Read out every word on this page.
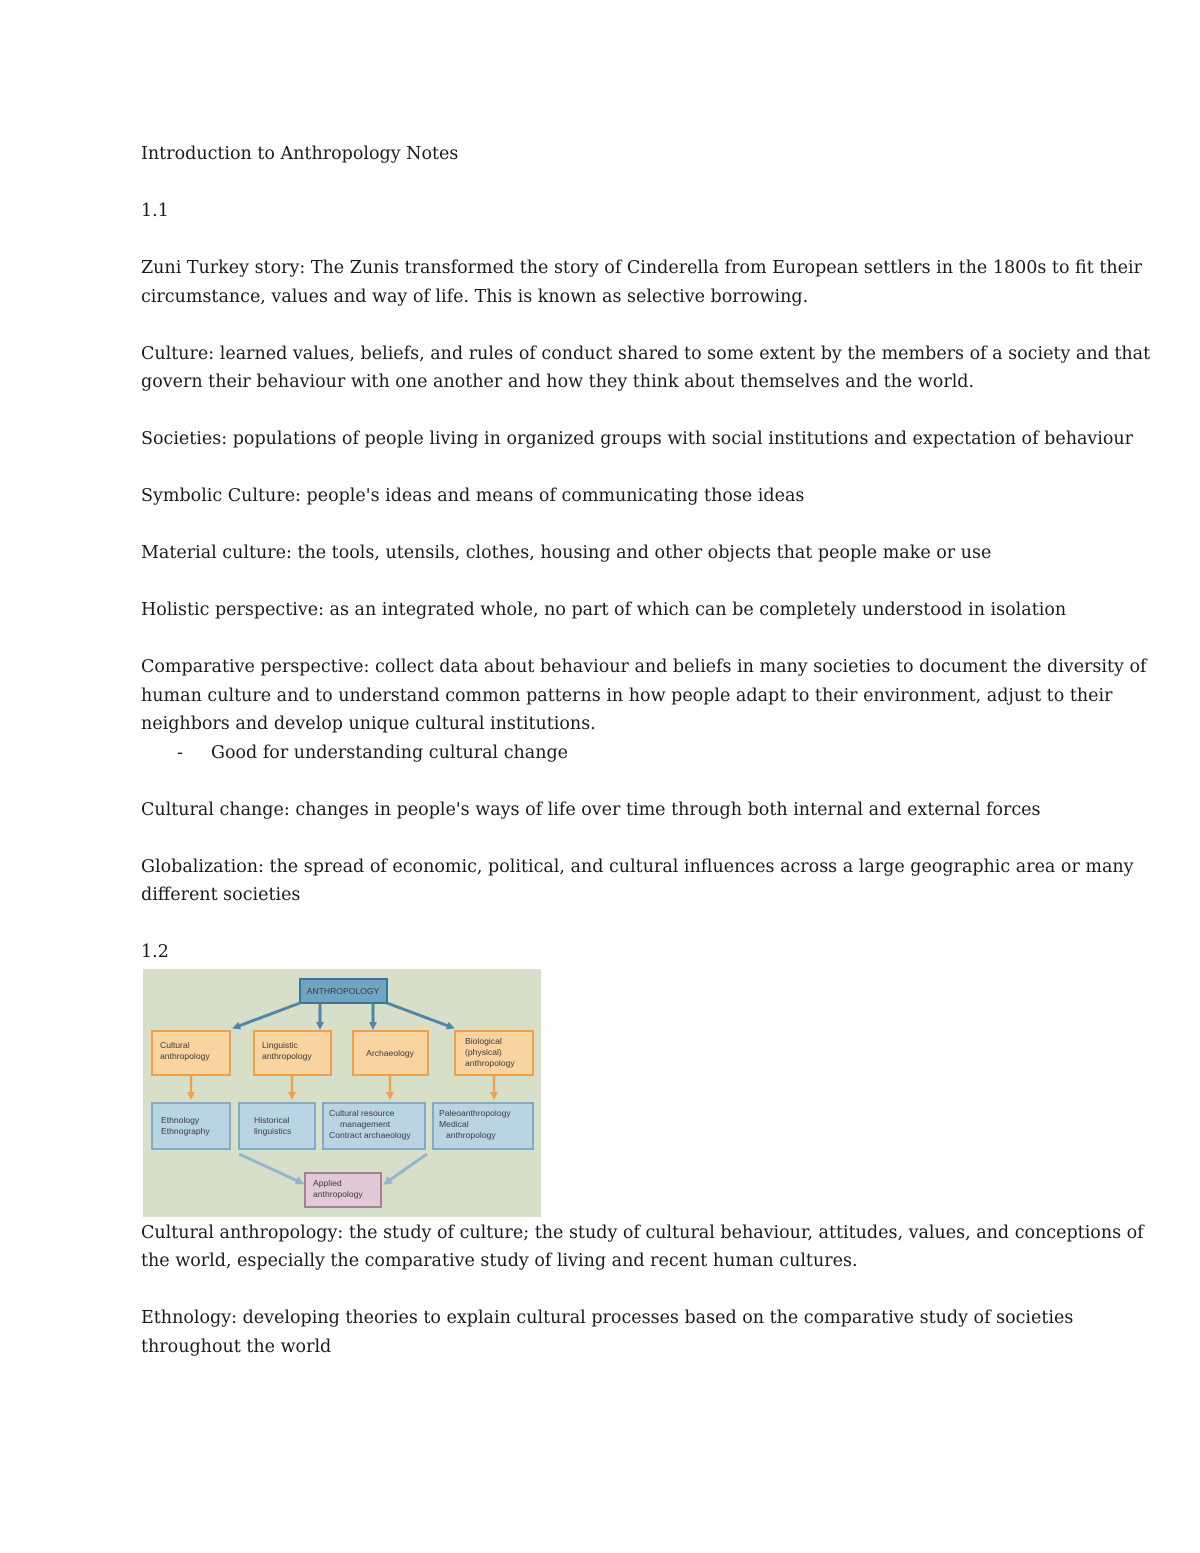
Introduction to Anthropology Notes

1.1

Zuni Turkey story: The Zunis transformed the story of Cinderella from European settlers in the 1800s to fit their circumstance, values and way of life. This is known as selective borrowing.

Culture: learned values, beliefs, and rules of conduct shared to some extent by the members of a society and that govern their behaviour with one another and how they think about themselves and the world.

Societies: populations of people living in organized groups with social institutions and expectation of behaviour

Symbolic Culture: people's ideas and means of communicating those ideas

Material culture: the tools, utensils, clothes, housing and other objects that people make or use

Holistic perspective: as an integrated whole, no part of which can be completely understood in isolation

Comparative perspective: collect data about behaviour and beliefs in many societies to document the diversity of human culture and to understand common patterns in how people adapt to their environment, adjust to their neighbors and develop unique cultural institutions.

- Good for understanding cultural change

Cultural change: changes in people's ways of life over time through both internal and external forces

Globalization: the spread of economic, political, and cultural influences across a large geographic area or many different societies

1.2

ANTHROPOLOGY
Cultural
anthropology
Linguistic
anthropology	Archaeology
Biological
(physical)
anthropology
Ethnology
Ethnography
Historical
linguistics
Cultural resource
management
Contract archaeology
Paleoanthropology
Medical
anthropology
Applied
anthropology

Cultural anthropology: the study of culture; the study of cultural behaviour, attitudes, values, and conceptions of the world, especially the comparative study of living and recent human cultures.

Ethnology: developing theories to explain cultural processes based on the comparative study of societies throughout the world
